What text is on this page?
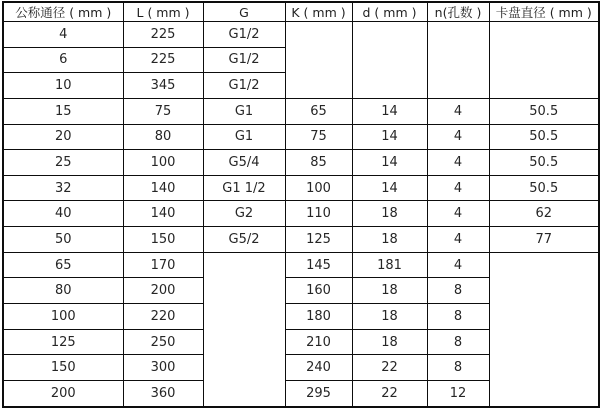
公称通径 ( mm )	L ( mm )	G	K ( mm )	d ( mm )	n(孔数 )	卡盘直径 ( mm )
4	225	G1/2				
6	225	G1/2				
10	345	G1/2				
15	75	G1	65	14	4	50.5
20	80	G1	75	14	4	50.5
25	100	G5/4	85	14	4	50.5
32	140	G1 1/2	100	14	4	50.5
40	140	G2	110	18	4	62
50	150	G5/2	125	18	4	77
65	170		145	181	4	
80	200		160	18	8	
100	220		180	18	8	
125	250		210	18	8	
150	300		240	22	8	
200	360		295	22	12	
